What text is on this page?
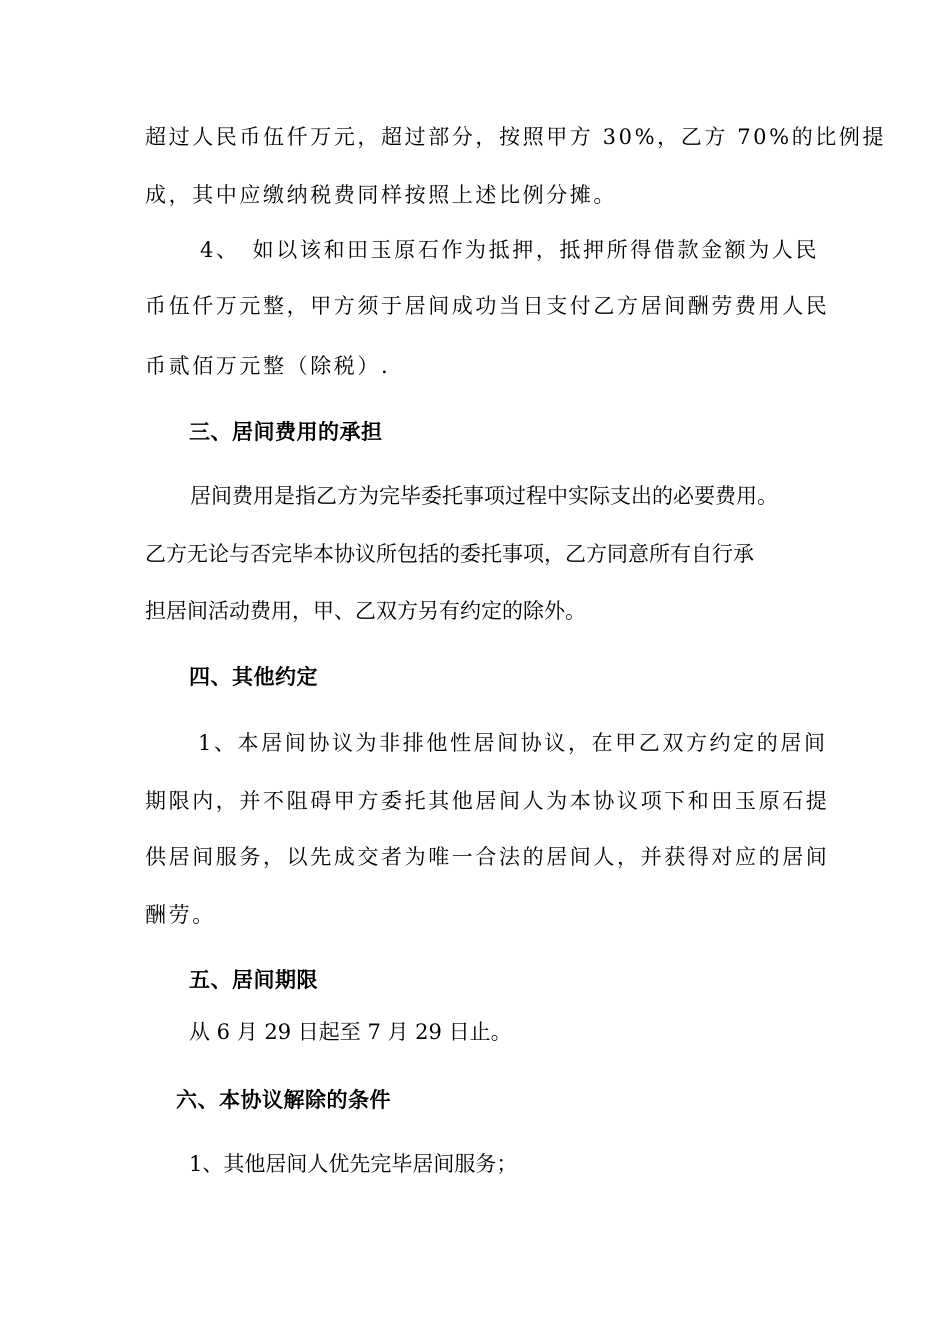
超过人民币伍仟万元，超过部分，按照甲方 30%，乙方 70%的比例提
成，其中应缴纳税费同样按照上述比例分摊。
4、　如以该和田玉原石作为抵押，抵押所得借款金额为人民
币伍仟万元整，甲方须于居间成功当日支付乙方居间酬劳费用人民
币贰佰万元整（除税）.
三、居间费用的承担
居间费用是指乙方为完毕委托事项过程中实际支出的必要费用。
乙方无论与否完毕本协议所包括的委托事项，乙方同意所有自行承
担居间活动费用，甲、乙双方另有约定的除外。
四、其他约定
1、本居间协议为非排他性居间协议，在甲乙双方约定的居间
期限内，并不阻碍甲方委托其他居间人为本协议项下和田玉原石提
供居间服务，以先成交者为唯一合法的居间人，并获得对应的居间
酬劳。
五、居间期限
从 6 月 29 日起至 7 月 29 日止。
六、本协议解除的条件
1、其他居间人优先完毕居间服务；
